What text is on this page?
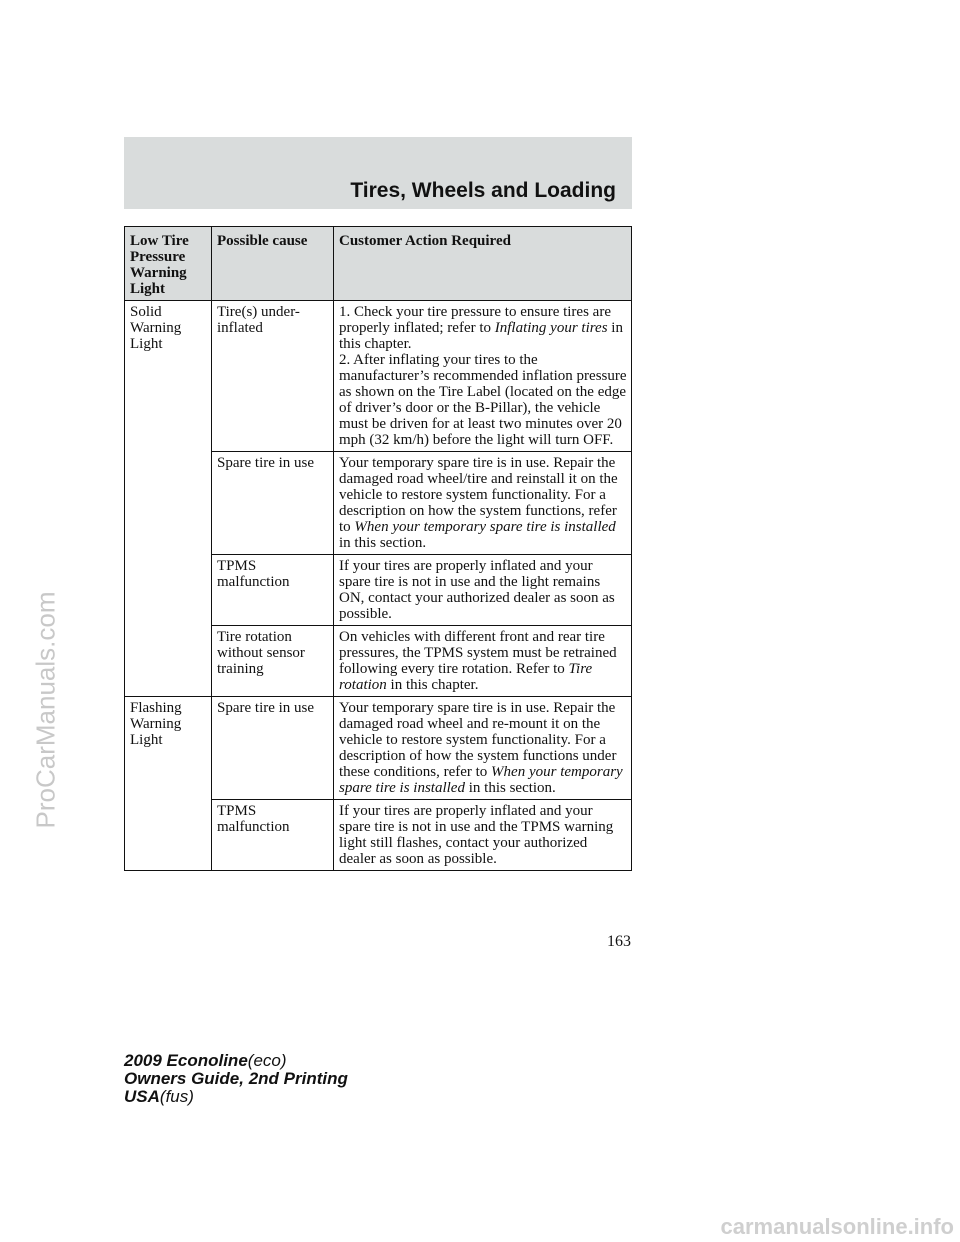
Tires, Wheels and Loading
Low Tire Pressure Warning Light	Possible cause	Customer Action Required
Solid Warning Light	Tire(s) under-inflated	1. Check your tire pressure to ensure tires are properly inflated; refer to Inflating your tires in this chapter.
2. After inflating your tires to the manufacturer’s recommended inflation pressure as shown on the Tire Label (located on the edge of driver’s door or the B-Pillar), the vehicle must be driven for at least two minutes over 20 mph (32 km/h) before the light will turn OFF.
	Spare tire in use	Your temporary spare tire is in use. Repair the damaged road wheel/tire and reinstall it on the vehicle to restore system functionality. For a description on how the system functions, refer to When your temporary spare tire is installed in this section.
	TPMS malfunction	If your tires are properly inflated and your spare tire is not in use and the light remains ON, contact your authorized dealer as soon as possible.
	Tire rotation without sensor training	On vehicles with different front and rear tire pressures, the TPMS system must be retrained following every tire rotation. Refer to Tire rotation in this chapter.
Flashing Warning Light	Spare tire in use	Your temporary spare tire is in use. Repair the damaged road wheel and re-mount it on the vehicle to restore system functionality. For a description of how the system functions under these conditions, refer to When your temporary spare tire is installed in this section.
	TPMS malfunction	If your tires are properly inflated and your spare tire is not in use and the TPMS warning light still flashes, contact your authorized dealer as soon as possible.
163
2009 Econoline(eco)
Owners Guide, 2nd Printing
USA(fus)
ProCarManuals.com
carmanualsonline.info
